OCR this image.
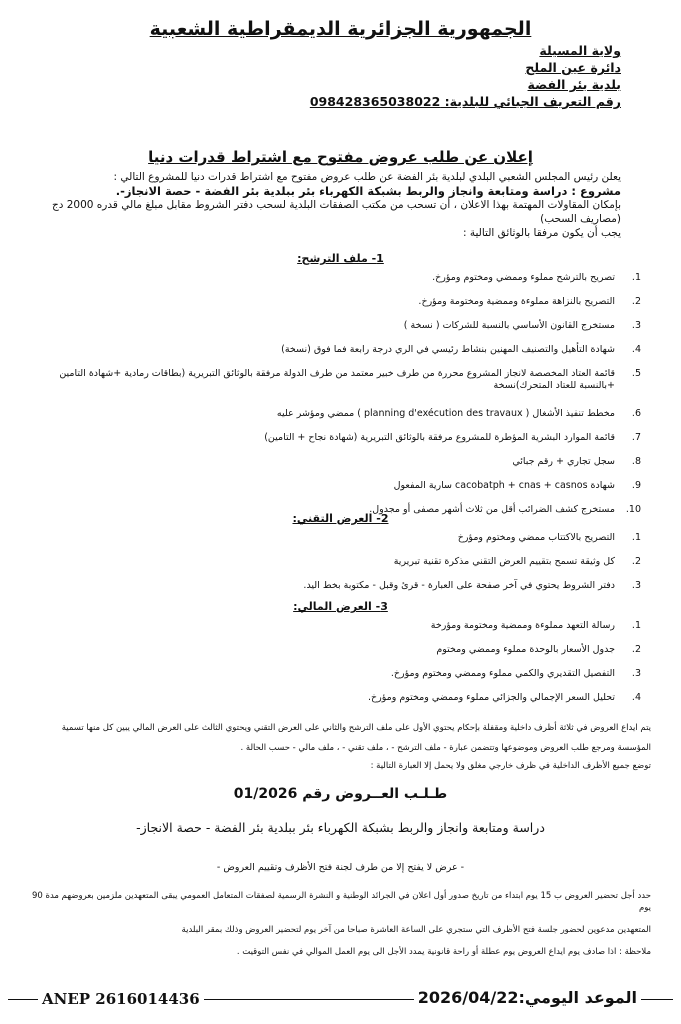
الجمهورية الجزائرية الديمقراطية الشعبية
ولاية المسيلة
دائرة عين الملح
بلدية بئر الفضة
رقم التعريف الجبائي للبلدية: 098428365038022
إعلان عن طلب عروض مفتوح مع اشتراط قدرات دنيا
يعلن رئيس المجلس الشعبي البلدي لبلدية بئر الفضة عن طلب عروض مفتوح مع اشتراط قدرات دنيا للمشروع التالي :
مشروع : دراسة ومتابعة وانجاز والربط بشبكة الكهرباء بئر ببلدية بئر الفضة - حصة الانجاز-.
بإمكان المقاولات المهتمة بهذا الاعلان ، أن تسحب من مكتب الصفقات البلدية لسحب دفتر الشروط مقابل مبلغ مالي قدره 2000 دج (مصاريف السحب)
يجب أن يكون مرفقا بالوثائق التالية :
1- ملف الترشح:
1.
تصريح بالترشح مملوء وممضي ومختوم ومؤرخ.
2.
التصريح بالنزاهة مملوءة وممضية ومختومة ومؤرخ.
3.
مستخرج القانون الأساسي بالنسبة للشركات ( نسخة )
4.
شهادة التأهيل والتصنيف المهنين بنشاط رئيسي في الري درجة رابعة فما فوق (نسخة)
5.
قائمة العتاد المخصصة لانجاز المشروع محررة من طرف خبير معتمد من طرف الدولة مرفقة بالوثائق التبريرية (بطاقات رمادية +شهادة التامين +بالنسبة للعتاد المتحرك)نسخة
6.
مخطط تنفيذ الأشغال ( planning d'exécution des travaux ) ممضي ومؤشر عليه
7.
قائمة الموارد البشرية المؤطرة للمشروع مرفقة بالوثائق التبريرية (شهادة نجاح + التامين)
8.
سجل تجاري + رقم جبائي
9.
شهادة cacobatph + cnas + casnos سارية المفعول
10.
مستخرج كشف الضرائب أقل من ثلاث أشهر مصفى أو مجدول.
2- العرض التقني:
1.
التصريح بالاكتتاب ممضي ومختوم ومؤرخ
2.
كل وثيقة تسمح بتقييم العرض التقني مذكرة تقنية تبريرية
3.
دفتر الشروط يحتوي في آخر صفحة على العبارة - قرئ وقبل - مكتوبة بخط اليد.
3- العرض المالي:
1.
رسالة التعهد مملوءة وممضية ومختومة ومؤرخة
2.
جدول الأسعار بالوحدة مملوء وممضي ومختوم
3.
التفصيل التقديري والكمي مملوء وممضي ومختوم ومؤرخ.
4.
تحليل السعر الإجمالي والجزائي مملوء وممضي ومختوم ومؤرخ.
يتم ايداع العروض في ثلاثة أظرف داخلية ومقفلة بإحكام يحتوي الأول على ملف الترشح والثاني على العرض التقني ويحتوي الثالث على العرض المالي يبين كل منها تسمية المؤسسة ومرجع طلب العروض وموضوعها وتتضمن عبارة - ملف الترشح - ، ملف تقني - ، ملف مالي - حسب الحالة .
توضع جميع الأظرف الداخلية في ظرف خارجي مغلق ولا يحمل إلا العبارة التالية :
طـلـب العــروض رقم 01/2026
دراسة ومتابعة وانجاز والربط بشبكة الكهرباء بئر ببلدية بئر الفضة - حصة الانجاز-
- عرض لا يفتح إلا من طرف لجنة فتح الأظرف وتقييم العروض -
حدد أجل تحضير العروض ب 15 يوم ابتداء من تاريخ صدور أول اعلان في الجرائد الوطنية و النشرة الرسمية لصفقات المتعامل العمومي يبقى المتعهدين ملزمين بعروضهم مدة 90 يوم
المتعهدين مدعوين لحضور جلسة فتح الأظرف التي ستجري على الساعة العاشرة صباحا من آخر يوم لتحضير العروض وذلك بمقر البلدية
ملاحظة : اذا صادف يوم ايداع العروض يوم عطلة أو راحة قانونية يمدد الأجل الى يوم العمل الموالي في نفس التوقيت .
ANEP 2616014436	الموعد اليومي:2026/04/22
